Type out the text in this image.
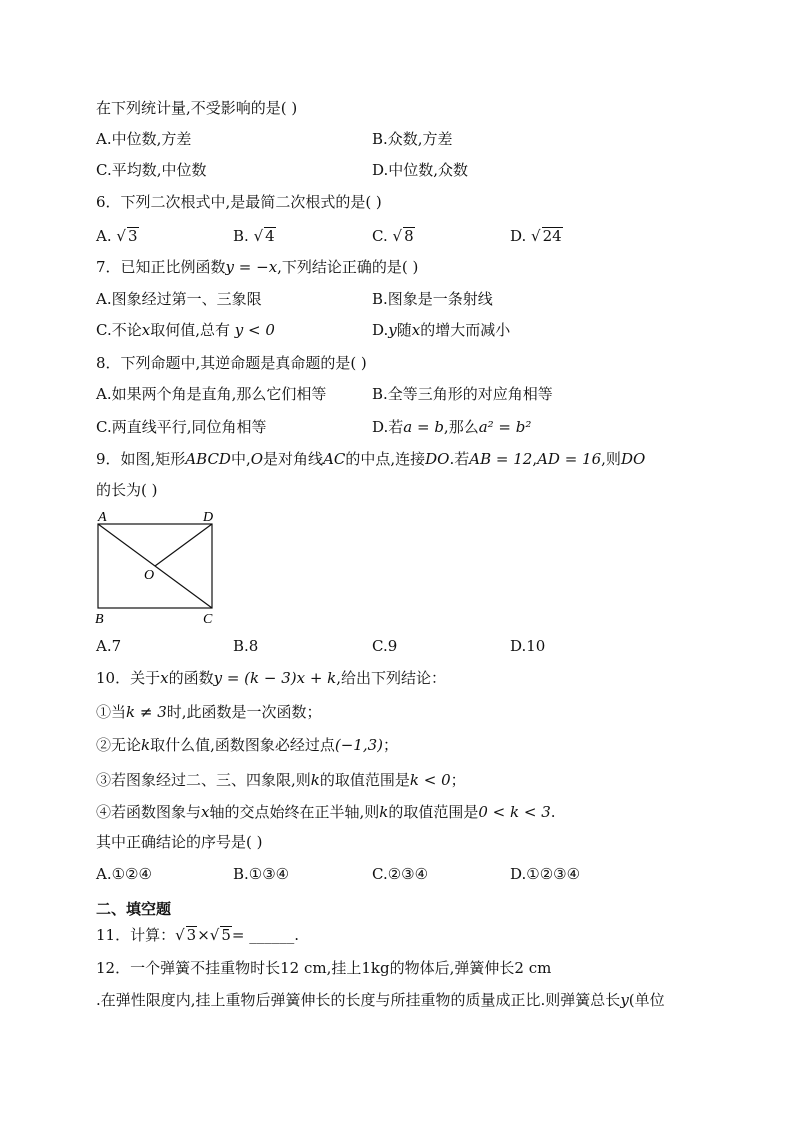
在下列统计量,不受影响的是( )
A.中位数,方差	B.众数,方差
C.平均数,中位数	D.中位数,众数
6．下列二次根式中,是最简二次根式的是( )
A. √ 3	B. √ 4	C. √ 8	D. √ 24
7．已知正比例函数y = −x,下列结论正确的是( )
A.图象经过第一、三象限	B.图象是一条射线
C.不论x取何值,总有 y < 0	D.y随x的增大而减小
8．下列命题中,其逆命题是真命题的是( )
A.如果两个角是直角,那么它们相等	B.全等三角形的对应角相等
C.两直线平行,同位角相等	D.若a = b,那么a² = b²
9．如图,矩形ABCD中,O是对角线AC的中点,连接DO.若AB = 12,AD = 16,则DO
的长为( )
A	D
O
B	C
A.7	B.8	C.9	D.10
10．关于x的函数y = (k − 3)x + k,给出下列结论：
①当k ≠ 3时,此函数是一次函数；
②无论k取什么值,函数图象必经过点(−1,3)；
③若图象经过二、三、四象限,则k的取值范围是k < 0；
④若函数图象与x轴的交点始终在正半轴,则k的取值范围是0 < k < 3.
其中正确结论的序号是( )
A.①②④	B.①③④	C.②③④	D.①②③④
二、填空题
11．计算：√ 3×√ 5= ______.
12．一个弹簧不挂重物时长12 cm,挂上1kg的物体后,弹簧伸长2 cm
.在弹性限度内,挂上重物后弹簧伸长的长度与所挂重物的质量成正比.则弹簧总长y(单位
